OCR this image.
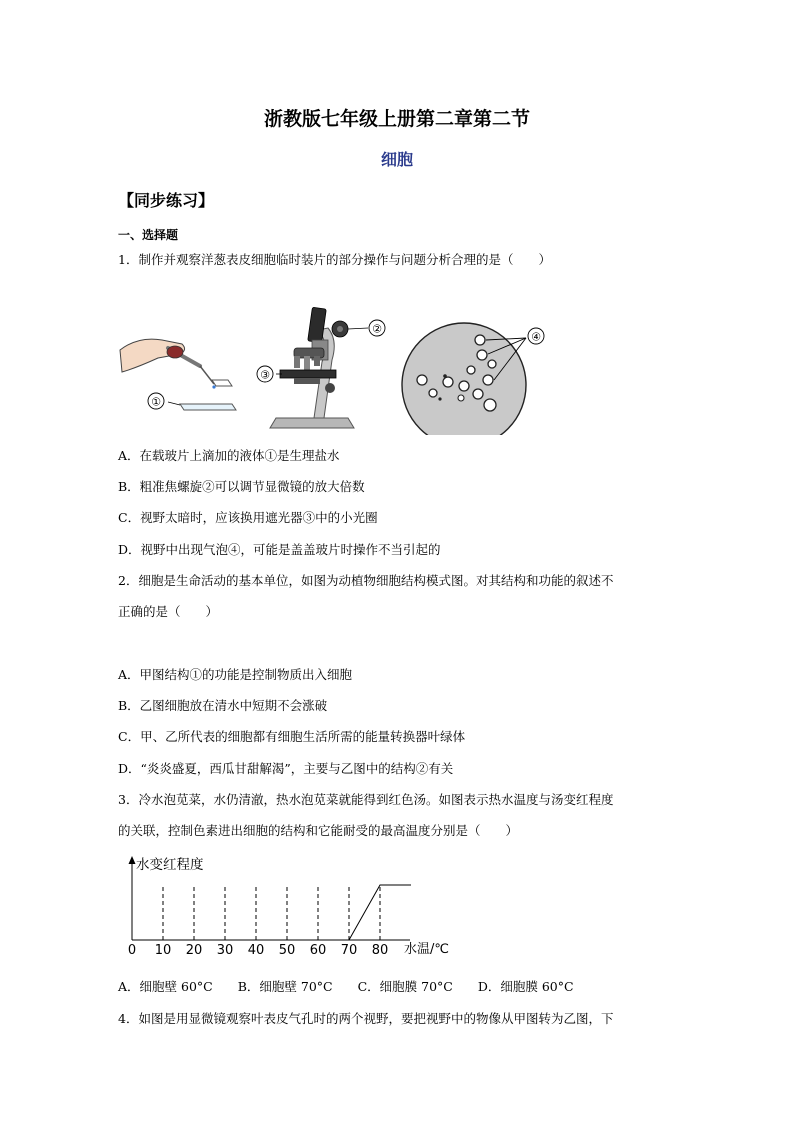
浙教版七年级上册第二章第二节
细胞
【同步练习】
一、选择题
1．制作并观察洋葱表皮细胞临时装片的部分操作与问题分析合理的是（　　）
①
③
②
④
A．在载玻片上滴加的液体①是生理盐水
B．粗准焦螺旋②可以调节显微镜的放大倍数
C．视野太暗时，应该换用遮光器③中的小光圈
D．视野中出现气泡④，可能是盖盖玻片时操作不当引起的
2．细胞是生命活动的基本单位，如图为动植物细胞结构模式图。对其结构和功能的叙述不
正确的是（　　）
A．甲图结构①的功能是控制物质出入细胞
B．乙图细胞放在清水中短期不会涨破
C．甲、乙所代表的细胞都有细胞生活所需的能量转换器叶绿体
D．“炎炎盛夏，西瓜甘甜解渴”，主要与乙图中的结构②有关
3．冷水泡苋菜，水仍清澈，热水泡苋菜就能得到红色汤。如图表示热水温度与汤变红程度
的关联，控制色素进出细胞的结构和它能耐受的最高温度分别是（　　）
水变红程度
水温/℃
0 10 20 30 40 50 60 70 80
A．细胞壁 60°C　　B．细胞壁 70°C　　C．细胞膜 70°C　　D．细胞膜 60°C
4．如图是用显微镜观察叶表皮气孔时的两个视野，要把视野中的物像从甲图转为乙图，下
